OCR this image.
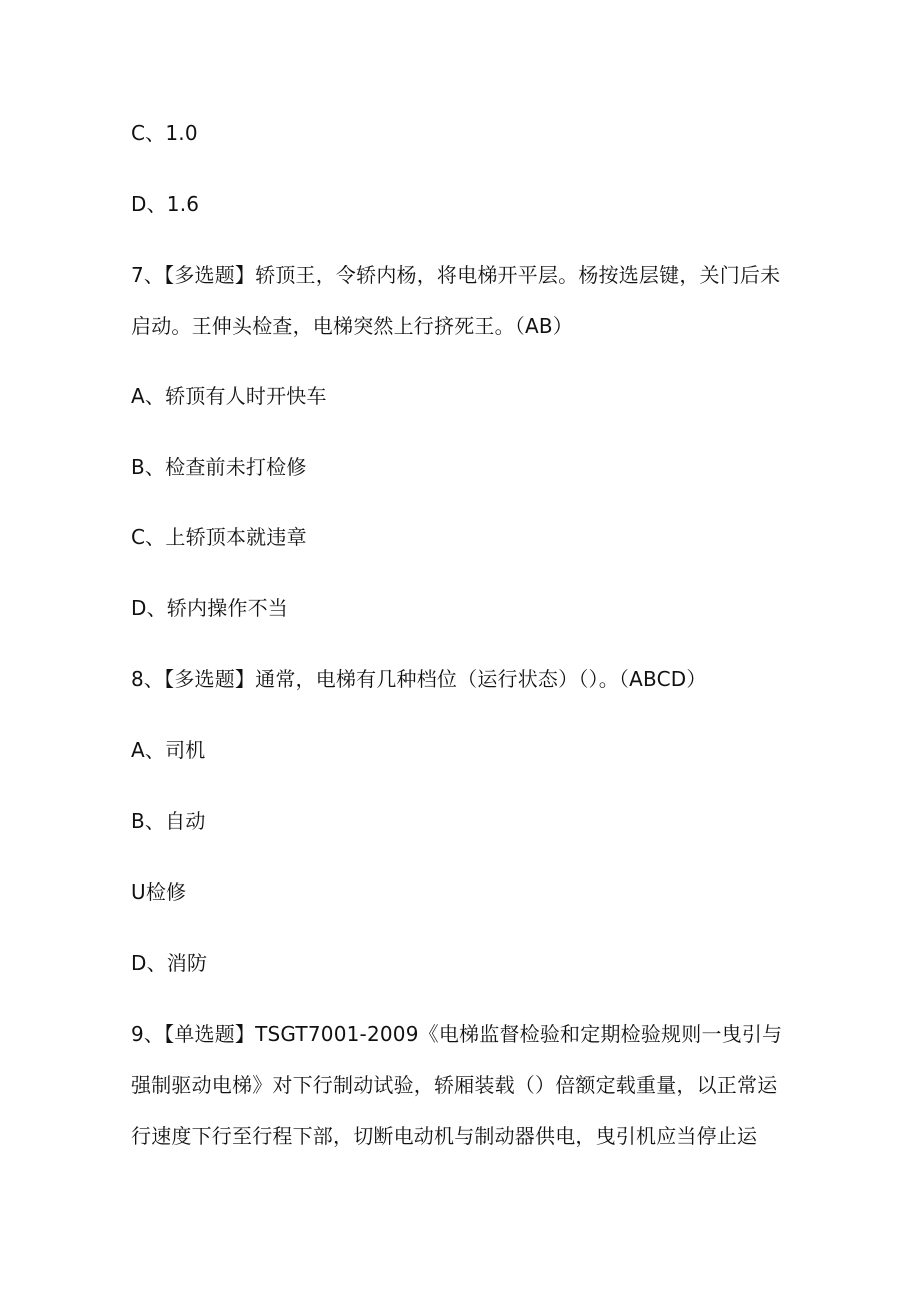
C、1.0
D、1.6
7、【多选题】轿顶王，令轿内杨，将电梯开平层。杨按选层键，关门后未
启动。王伸头检查，电梯突然上行挤死王。（AB）
A、轿顶有人时开快车
B、检查前未打检修
C、上轿顶本就违章
D、轿内操作不当
8、【多选题】通常，电梯有几种档位（运行状态）（）。（ABCD）
A、司机
B、自动
U检修
D、消防
9、【单选题】TSGT7001-2009《电梯监督检验和定期检验规则一曳引与
强制驱动电梯》对下行制动试验，轿厢装载（）倍额定载重量，以正常运
行速度下行至行程下部，切断电动机与制动器供电，曳引机应当停止运
